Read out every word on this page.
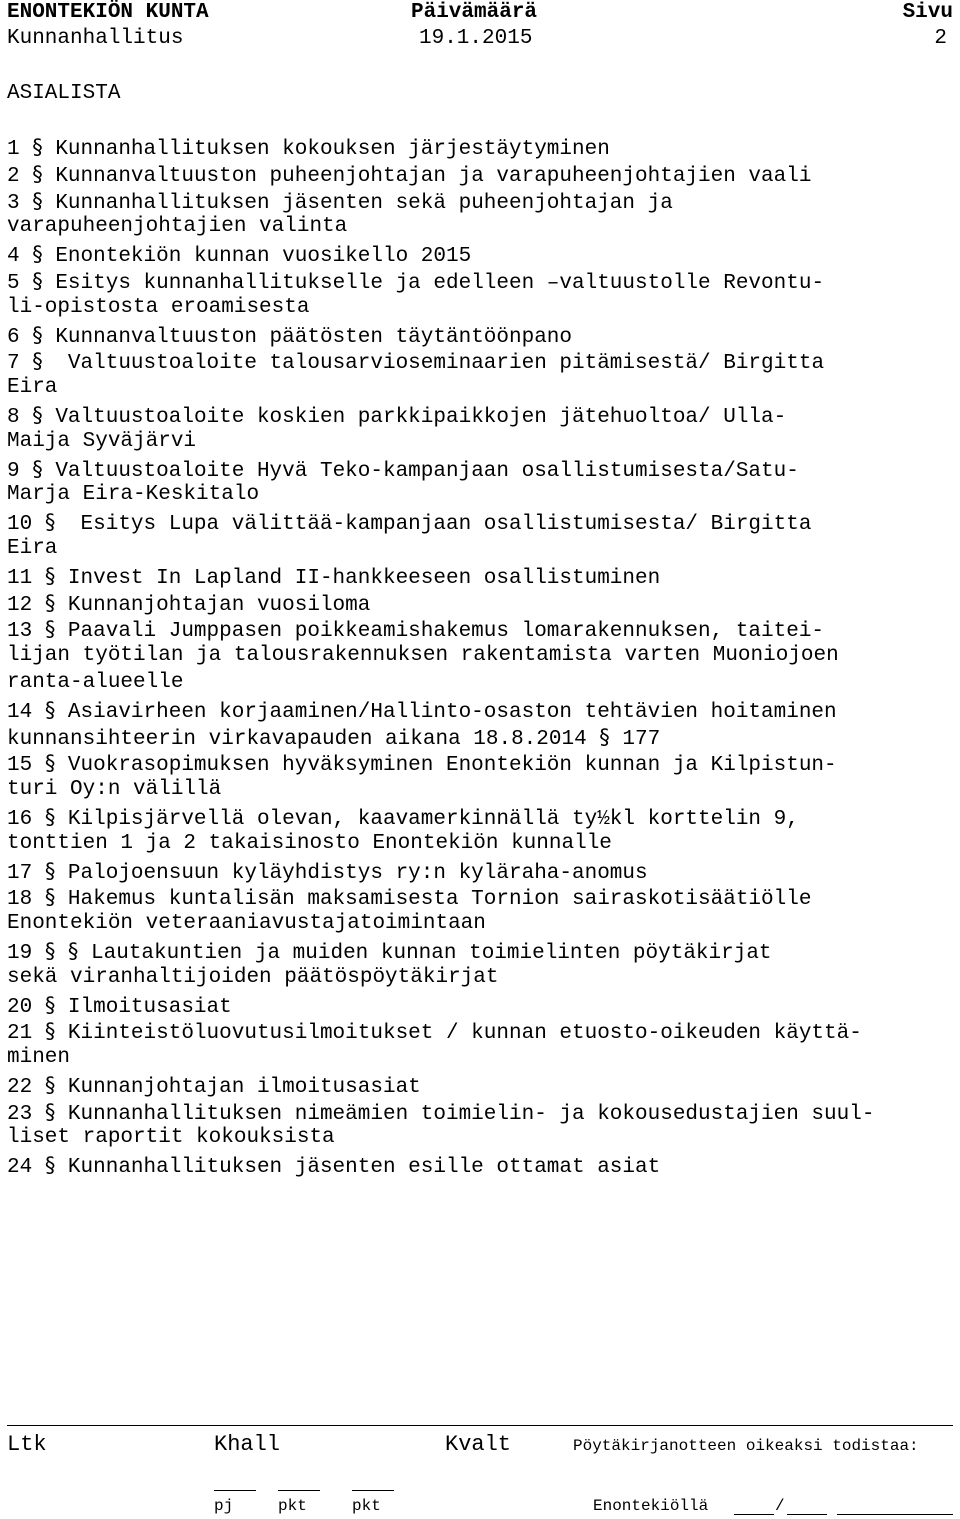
ENONTEKIÖN KUNTA	Päivämäärä	Sivu
Kunnanhallitus	19.1.2015	2
ASIALISTA
1 § Kunnanhallituksen kokouksen järjestäytyminen
2 § Kunnanvaltuuston puheenjohtajan ja varapuheenjohtajien vaali
3 § Kunnanhallituksen jäsenten sekä puheenjohtajan ja
varapuheenjohtajien valinta
4 § Enontekiön kunnan vuosikello 2015
5 § Esitys kunnanhallitukselle ja edelleen –valtuustolle Revontu-
li-opistosta eroamisesta
6 § Kunnanvaltuuston päätösten täytäntöönpano
7 §  Valtuustoaloite talousarvioseminaarien pitämisestä/ Birgitta
Eira
8 § Valtuustoaloite koskien parkkipaikkojen jätehuoltoa/ Ulla-
Maija Syväjärvi
9 § Valtuustoaloite Hyvä Teko-kampanjaan osallistumisesta/Satu-
Marja Eira-Keskitalo
10 §  Esitys Lupa välittää-kampanjaan osallistumisesta/ Birgitta
Eira
11 § Invest In Lapland II-hankkeeseen osallistuminen
12 § Kunnanjohtajan vuosiloma
13 § Paavali Jumppasen poikkeamishakemus lomarakennuksen, taitei-
lijan työtilan ja talousrakennuksen rakentamista varten Muoniojoen
ranta-alueelle
14 § Asiavirheen korjaaminen/Hallinto-osaston tehtävien hoitaminen
kunnansihteerin virkavapauden aikana 18.8.2014 § 177
15 § Vuokrasopimuksen hyväksyminen Enontekiön kunnan ja Kilpistun-
turi Oy:n välillä
16 § Kilpisjärvellä olevan, kaavamerkinnällä ty½kl korttelin 9,
tonttien 1 ja 2 takaisinosto Enontekiön kunnalle
17 § Palojoensuun kyläyhdistys ry:n kyläraha-anomus
18 § Hakemus kuntalisän maksamisesta Tornion sairaskotisäätiölle
Enontekiön veteraaniavustajatoimintaan
19 § § Lautakuntien ja muiden kunnan toimielinten pöytäkirjat
sekä viranhaltijoiden päätöspöytäkirjat
20 § Ilmoitusasiat
21 § Kiinteistöluovutusilmoitukset / kunnan etuosto-oikeuden käyttä-
minen
22 § Kunnanjohtajan ilmoitusasiat
23 § Kunnanhallituksen nimeämien toimielin- ja kokousedustajien suul-
liset raportit kokouksista
24 § Kunnanhallituksen jäsenten esille ottamat asiat
Ltk	Khall	Kvalt	Pöytäkirjanotteen oikeaksi todistaa:
pj	pkt	pkt	Enontekiöllä	/
